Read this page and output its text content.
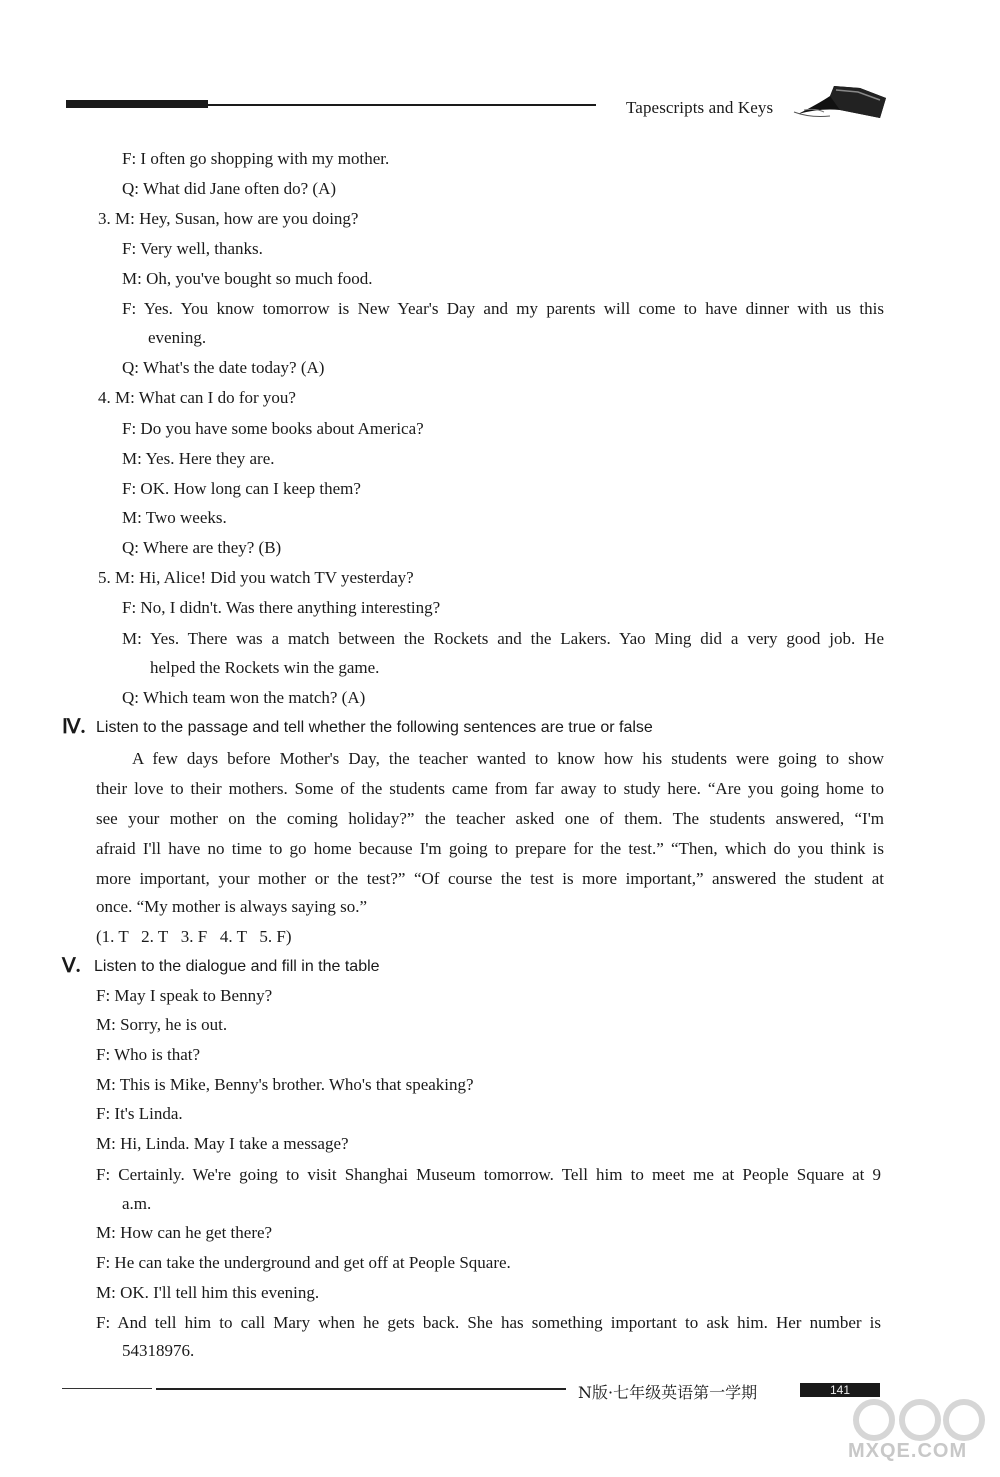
Tapescripts and Keys
F: I often go shopping with my mother.
Q: What did Jane often do? (A)
3. M: Hey, Susan, how are you doing?
F: Very well, thanks.
M: Oh, you've bought so much food.
F: Yes. You know tomorrow is New Year's Day and my parents will come to have dinner with us this
evening.
Q: What's the date today? (A)
4. M: What can I do for you?
F: Do you have some books about America?
M: Yes. Here they are.
F: OK. How long can I keep them?
M: Two weeks.
Q: Where are they? (B)
5. M: Hi, Alice! Did you watch TV yesterday?
F: No, I didn't. Was there anything interesting?
M: Yes. There was a match between the Rockets and the Lakers. Yao Ming did a very good job. He
helped the Rockets win the game.
Q: Which team won the match? (A)
Ⅳ. Listen to the passage and tell whether the following sentences are true or false
A few days before Mother's Day, the teacher wanted to know how his students were going to show
their love to their mothers. Some of the students came from far away to study here. “Are you going home to
see your mother on the coming holiday?” the teacher asked one of them. The students answered, “I'm
afraid I'll have no time to go home because I'm going to prepare for the test.” “Then, which do you think is
more important, your mother or the test?” “Of course the test is more important,” answered the student at
once. “My mother is always saying so.”
(1. T   2. T   3. F   4. T   5. F)
Ⅴ. Listen to the dialogue and fill in the table
F: May I speak to Benny?
M: Sorry, he is out.
F: Who is that?
M: This is Mike, Benny's brother. Who's that speaking?
F: It's Linda.
M: Hi, Linda. May I take a message?
F: Certainly. We're going to visit Shanghai Museum tomorrow. Tell him to meet me at People Square at 9
a.m.
M: How can he get there?
F: He can take the underground and get off at People Square.
M: OK. I'll tell him this evening.
F: And tell him to call Mary when he gets back. She has something important to ask him. Her number is
54318976.
N版·七年级英语第一学期	141
MXQE.COM
